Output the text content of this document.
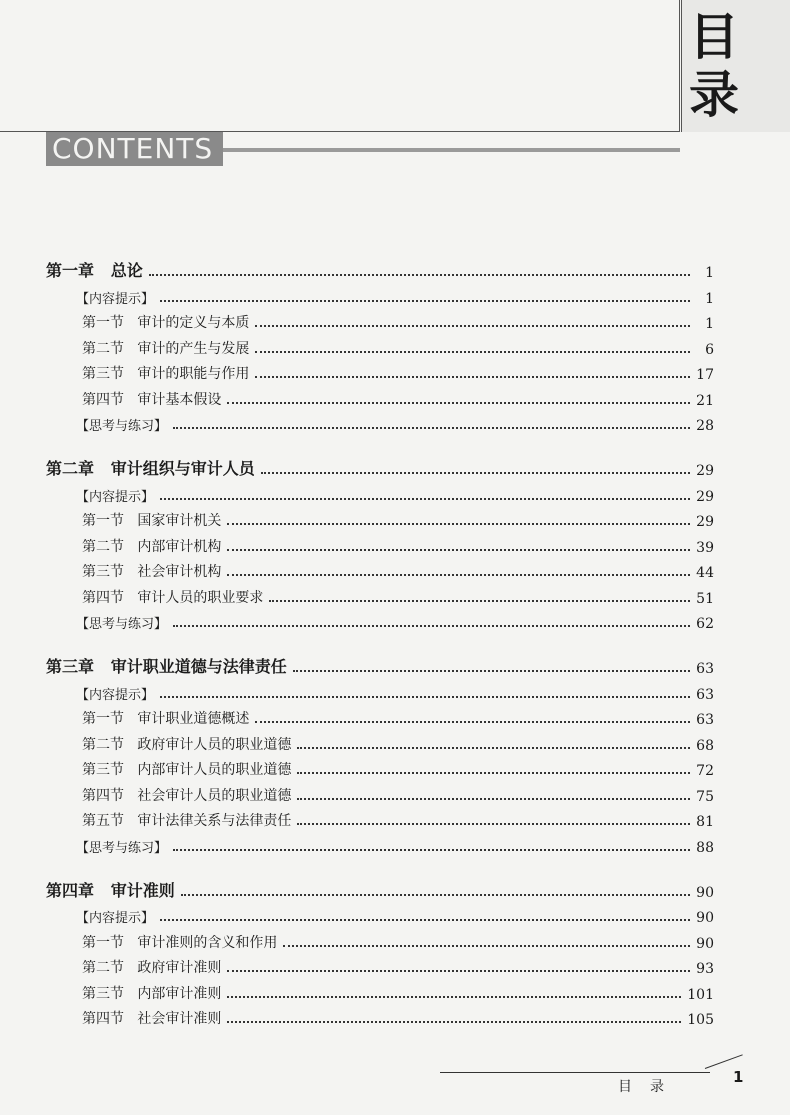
目
录
CONTENTS
第一章   总论	1
【内容提示】	1
第一节   审计的定义与本质	1
第二节   审计的产生与发展	6
第三节   审计的职能与作用	17
第四节   审计基本假设	21
【思考与练习】	28
第二章   审计组织与审计人员	29
【内容提示】	29
第一节   国家审计机关	29
第二节   内部审计机构	39
第三节   社会审计机构	44
第四节   审计人员的职业要求	51
【思考与练习】	62
第三章   审计职业道德与法律责任	63
【内容提示】	63
第一节   审计职业道德概述	63
第二节   政府审计人员的职业道德	68
第三节   内部审计人员的职业道德	72
第四节   社会审计人员的职业道德	75
第五节   审计法律关系与法律责任	81
【思考与练习】	88
第四章   审计准则	90
【内容提示】	90
第一节   审计准则的含义和作用	90
第二节   政府审计准则	93
第三节   内部审计准则	101
第四节   社会审计准则	105
目录
1
